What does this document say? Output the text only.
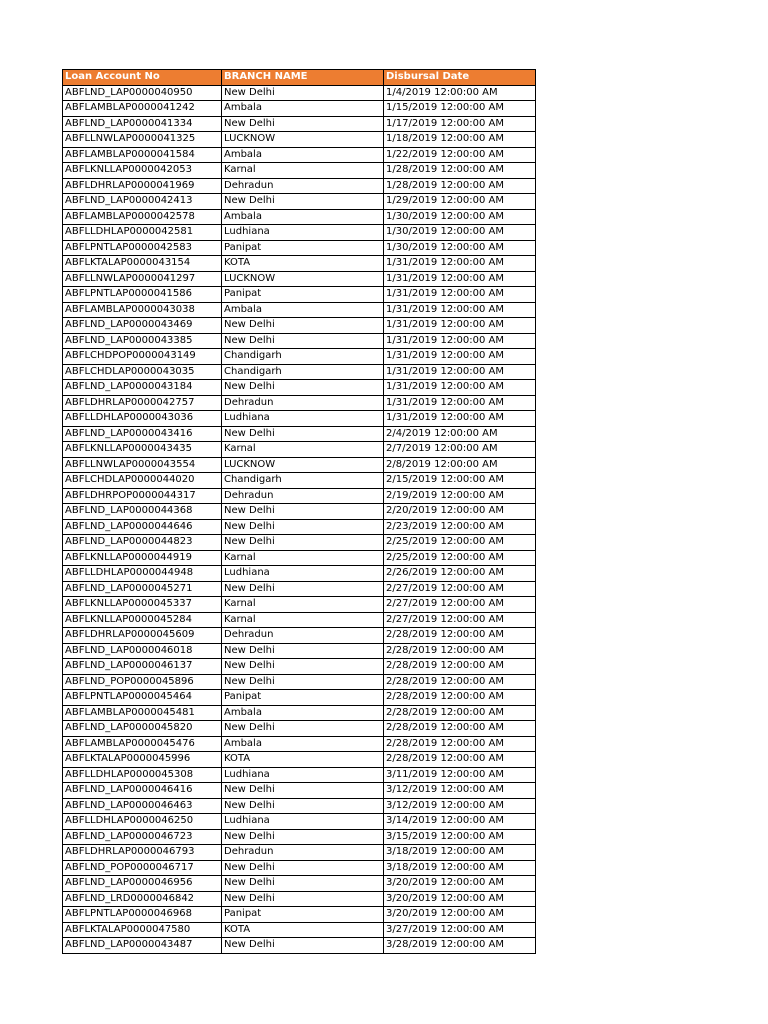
Loan Account No	BRANCH NAME	Disbursal Date
ABFLND_LAP0000040950	New Delhi	1/4/2019 12:00:00 AM
ABFLAMBLAP0000041242	Ambala	1/15/2019 12:00:00 AM
ABFLND_LAP0000041334	New Delhi	1/17/2019 12:00:00 AM
ABFLLNWLAP0000041325	LUCKNOW	1/18/2019 12:00:00 AM
ABFLAMBLAP0000041584	Ambala	1/22/2019 12:00:00 AM
ABFLKNLLAP0000042053	Karnal	1/28/2019 12:00:00 AM
ABFLDHRLAP0000041969	Dehradun	1/28/2019 12:00:00 AM
ABFLND_LAP0000042413	New Delhi	1/29/2019 12:00:00 AM
ABFLAMBLAP0000042578	Ambala	1/30/2019 12:00:00 AM
ABFLLDHLAP0000042581	Ludhiana	1/30/2019 12:00:00 AM
ABFLPNTLAP0000042583	Panipat	1/30/2019 12:00:00 AM
ABFLKTALAP0000043154	KOTA	1/31/2019 12:00:00 AM
ABFLLNWLAP0000041297	LUCKNOW	1/31/2019 12:00:00 AM
ABFLPNTLAP0000041586	Panipat	1/31/2019 12:00:00 AM
ABFLAMBLAP0000043038	Ambala	1/31/2019 12:00:00 AM
ABFLND_LAP0000043469	New Delhi	1/31/2019 12:00:00 AM
ABFLND_LAP0000043385	New Delhi	1/31/2019 12:00:00 AM
ABFLCHDPOP0000043149	Chandigarh	1/31/2019 12:00:00 AM
ABFLCHDLAP0000043035	Chandigarh	1/31/2019 12:00:00 AM
ABFLND_LAP0000043184	New Delhi	1/31/2019 12:00:00 AM
ABFLDHRLAP0000042757	Dehradun	1/31/2019 12:00:00 AM
ABFLLDHLAP0000043036	Ludhiana	1/31/2019 12:00:00 AM
ABFLND_LAP0000043416	New Delhi	2/4/2019 12:00:00 AM
ABFLKNLLAP0000043435	Karnal	2/7/2019 12:00:00 AM
ABFLLNWLAP0000043554	LUCKNOW	2/8/2019 12:00:00 AM
ABFLCHDLAP0000044020	Chandigarh	2/15/2019 12:00:00 AM
ABFLDHRPOP0000044317	Dehradun	2/19/2019 12:00:00 AM
ABFLND_LAP0000044368	New Delhi	2/20/2019 12:00:00 AM
ABFLND_LAP0000044646	New Delhi	2/23/2019 12:00:00 AM
ABFLND_LAP0000044823	New Delhi	2/25/2019 12:00:00 AM
ABFLKNLLAP0000044919	Karnal	2/25/2019 12:00:00 AM
ABFLLDHLAP0000044948	Ludhiana	2/26/2019 12:00:00 AM
ABFLND_LAP0000045271	New Delhi	2/27/2019 12:00:00 AM
ABFLKNLLAP0000045337	Karnal	2/27/2019 12:00:00 AM
ABFLKNLLAP0000045284	Karnal	2/27/2019 12:00:00 AM
ABFLDHRLAP0000045609	Dehradun	2/28/2019 12:00:00 AM
ABFLND_LAP0000046018	New Delhi	2/28/2019 12:00:00 AM
ABFLND_LAP0000046137	New Delhi	2/28/2019 12:00:00 AM
ABFLND_POP0000045896	New Delhi	2/28/2019 12:00:00 AM
ABFLPNTLAP0000045464	Panipat	2/28/2019 12:00:00 AM
ABFLAMBLAP0000045481	Ambala	2/28/2019 12:00:00 AM
ABFLND_LAP0000045820	New Delhi	2/28/2019 12:00:00 AM
ABFLAMBLAP0000045476	Ambala	2/28/2019 12:00:00 AM
ABFLKTALAP0000045996	KOTA	2/28/2019 12:00:00 AM
ABFLLDHLAP0000045308	Ludhiana	3/11/2019 12:00:00 AM
ABFLND_LAP0000046416	New Delhi	3/12/2019 12:00:00 AM
ABFLND_LAP0000046463	New Delhi	3/12/2019 12:00:00 AM
ABFLLDHLAP0000046250	Ludhiana	3/14/2019 12:00:00 AM
ABFLND_LAP0000046723	New Delhi	3/15/2019 12:00:00 AM
ABFLDHRLAP0000046793	Dehradun	3/18/2019 12:00:00 AM
ABFLND_POP0000046717	New Delhi	3/18/2019 12:00:00 AM
ABFLND_LAP0000046956	New Delhi	3/20/2019 12:00:00 AM
ABFLND_LRD0000046842	New Delhi	3/20/2019 12:00:00 AM
ABFLPNTLAP0000046968	Panipat	3/20/2019 12:00:00 AM
ABFLKTALAP0000047580	KOTA	3/27/2019 12:00:00 AM
ABFLND_LAP0000043487	New Delhi	3/28/2019 12:00:00 AM
